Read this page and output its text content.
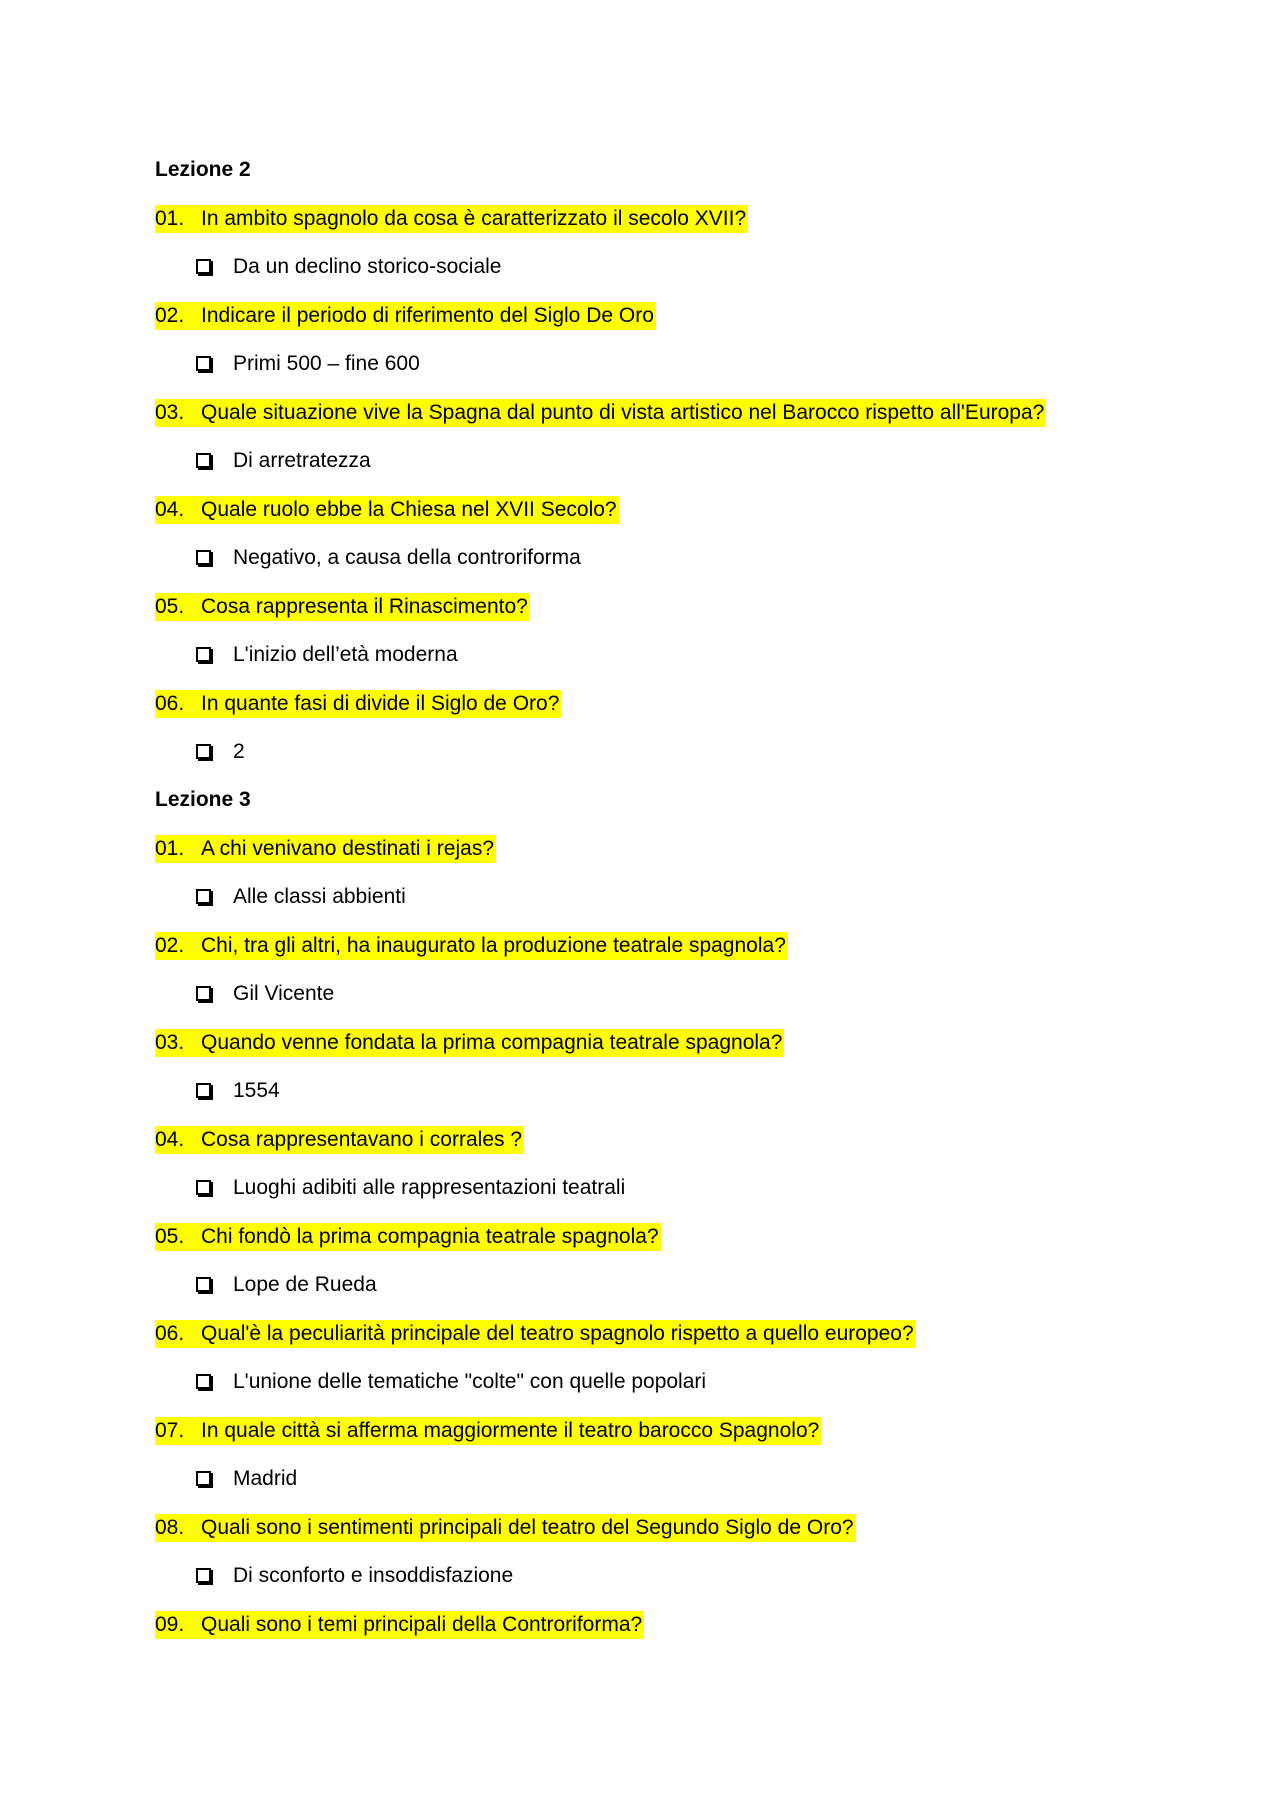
Lezione 2
01. In ambito spagnolo da cosa è caratterizzato il secolo XVII?
Da un declino storico-sociale
02. Indicare il periodo di riferimento del Siglo De Oro
Primi 500 – fine 600
03. Quale situazione vive la Spagna dal punto di vista artistico nel Barocco rispetto all'Europa?
Di arretratezza
04. Quale ruolo ebbe la Chiesa nel XVII Secolo?
Negativo, a causa della controriforma
05. Cosa rappresenta il Rinascimento?
L'inizio dell’età moderna
06. In quante fasi di divide il Siglo de Oro?
2
Lezione 3
01. A chi venivano destinati i rejas?
Alle classi abbienti
02. Chi, tra gli altri, ha inaugurato la produzione teatrale spagnola?
Gil Vicente
03. Quando venne fondata la prima compagnia teatrale spagnola?
1554
04. Cosa rappresentavano i corrales ?
Luoghi adibiti alle rappresentazioni teatrali
05. Chi fondò la prima compagnia teatrale spagnola?
Lope de Rueda
06. Qual'è la peculiarità principale del teatro spagnolo rispetto a quello europeo?
L'unione delle tematiche "colte" con quelle popolari
07. In quale città si afferma maggiormente il teatro barocco Spagnolo?
Madrid
08. Quali sono i sentimenti principali del teatro del Segundo Siglo de Oro?
Di sconforto e insoddisfazione
09. Quali sono i temi principali della Controriforma?
